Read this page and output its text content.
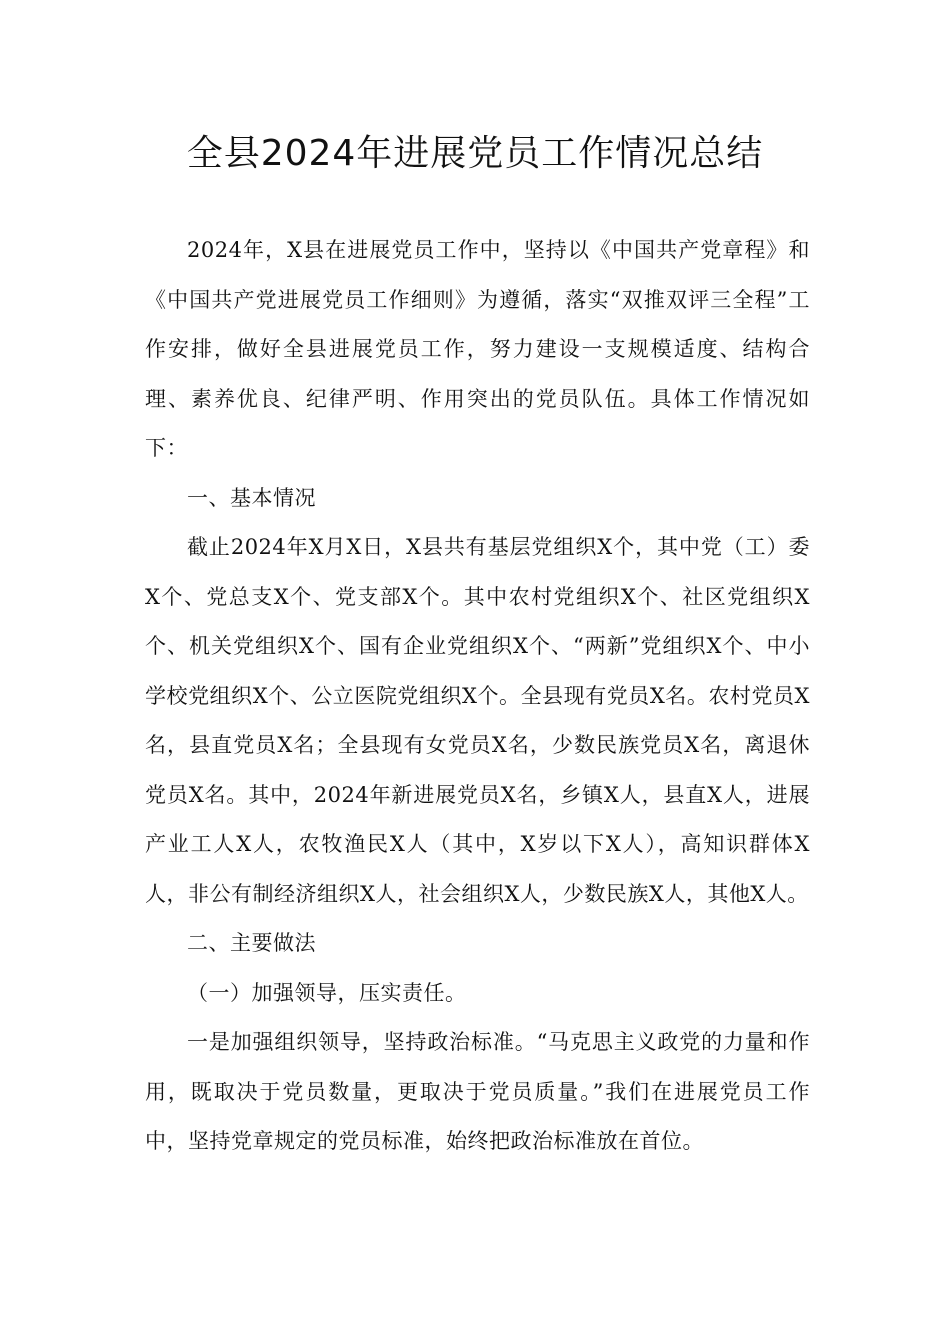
全县2024年进展党员工作情况总结

2024年，X县在进展党员工作中，坚持以《中国共产党章程》和《中国共产党进展党员工作细则》为遵循，落实“双推双评三全程”工作安排，做好全县进展党员工作，努力建设一支规模适度、结构合理、素养优良、纪律严明、作用突出的党员队伍。具体工作情况如下：

一、基本情况

截止2024年X月X日，X县共有基层党组织X个，其中党（工）委X个、党总支X个、党支部X个。其中农村党组织X个、社区党组织X个、机关党组织X个、国有企业党组织X个、“两新”党组织X个、中小学校党组织X个、公立医院党组织X个。全县现有党员X名。农村党员X名，县直党员X名；全县现有女党员X名，少数民族党员X名，离退休党员X名。其中，2024年新进展党员X名，乡镇X人，县直X人，进展产业工人X人，农牧渔民X人（其中，X岁以下X人），高知识群体X人，非公有制经济组织X人，社会组织X人，少数民族X人，其他X人。

二、主要做法

（一）加强领导，压实责任。

一是加强组织领导，坚持政治标准。“马克思主义政党的力量和作用，既取决于党员数量，更取决于党员质量。”我们在进展党员工作中，坚持党章规定的党员标准，始终把政治标准放在首位。
